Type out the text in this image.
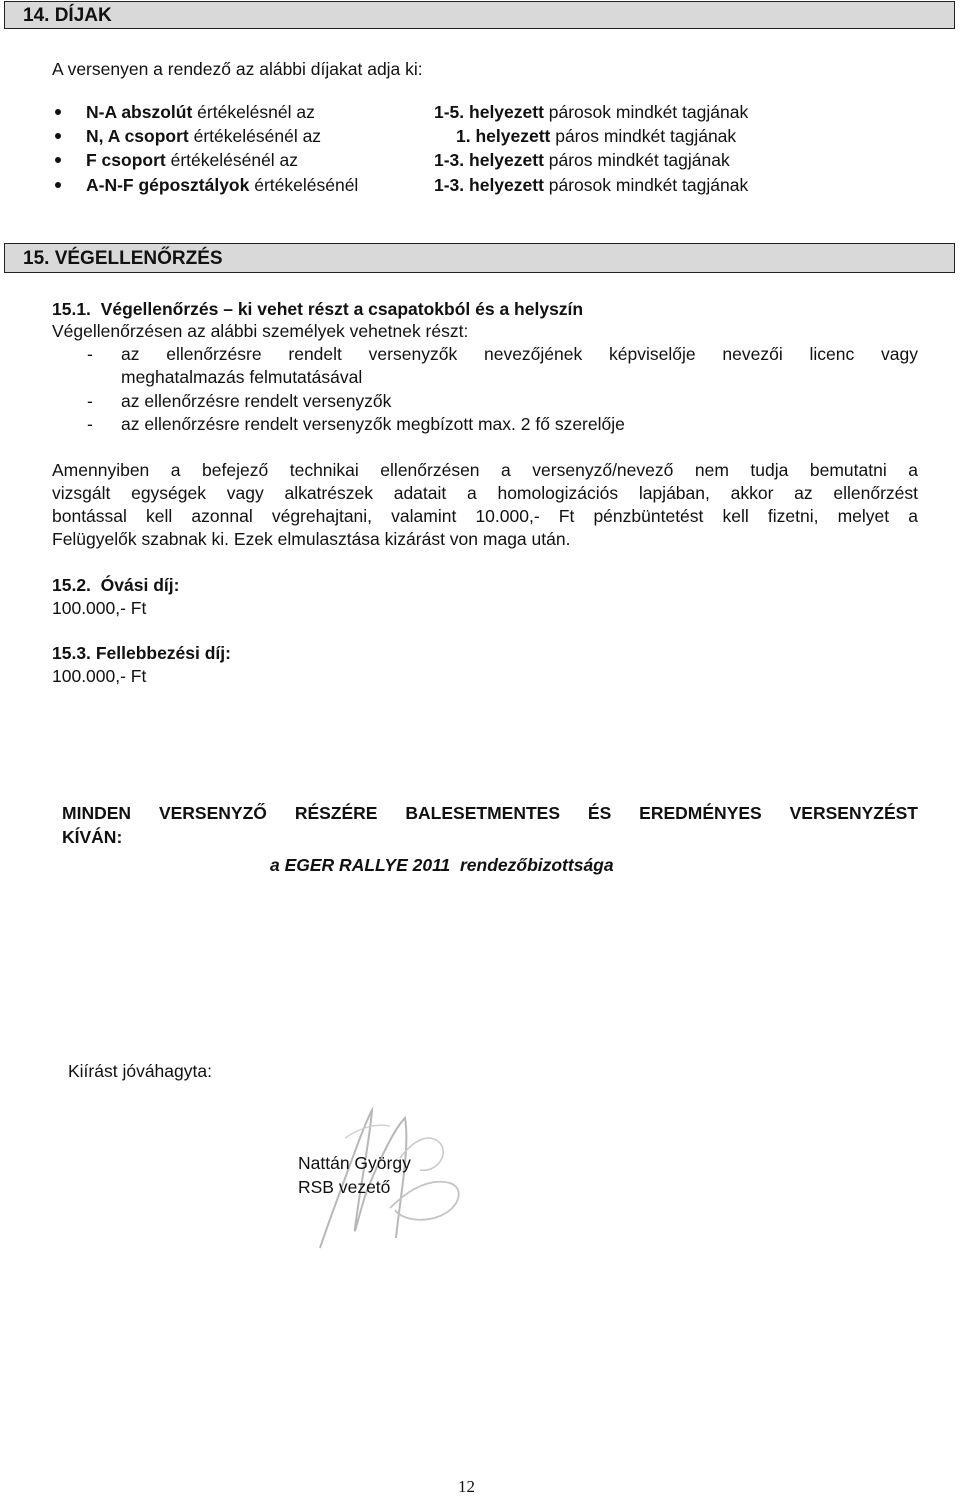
14. DÍJAK
A versenyen a rendező az alábbi díjakat adja ki:
N-A abszolút értékelésnél az	1-5. helyezett párosok mindkét tagjának
N, A csoport értékelésénél az	1. helyezett páros mindkét tagjának
F csoport értékelésénél az	1-3. helyezett páros mindkét tagjának
A-N-F géposztályok értékelésénél	1-3. helyezett párosok mindkét tagjának
15. VÉGELLENŐRZÉS
15.1. Végellenőrzés – ki vehet részt a csapatokból és a helyszín
Végellenőrzésen az alábbi személyek vehetnek részt:
- az ellenőrzésre rendelt versenyzők nevezőjének képviselője nevezői licenc vagy
meghatalmazás felmutatásával
- az ellenőrzésre rendelt versenyzők
- az ellenőrzésre rendelt versenyzők megbízott max. 2 fő szerelője
Amennyiben a befejező technikai ellenőrzésen a versenyző/nevező nem tudja bemutatni a
vizsgált egységek vagy alkatrészek adatait a homologizációs lapjában, akkor az ellenőrzést
bontással kell azonnal végrehajtani, valamint 10.000,- Ft pénzbüntetést kell fizetni, melyet a
Felügyelők szabnak ki. Ezek elmulasztása kizárást von maga után.
15.2. Óvási díj:
100.000,- Ft
15.3. Fellebbezési díj:
100.000,- Ft
MINDEN VERSENYZŐ RÉSZÉRE BALESETMENTES ÉS EREDMÉNYES VERSENYZÉST
KÍVÁN:
a EGER RALLYE 2011  rendezőbizottsága
Kiírást jóváhagyta:
Nattán György
RSB vezető
12
